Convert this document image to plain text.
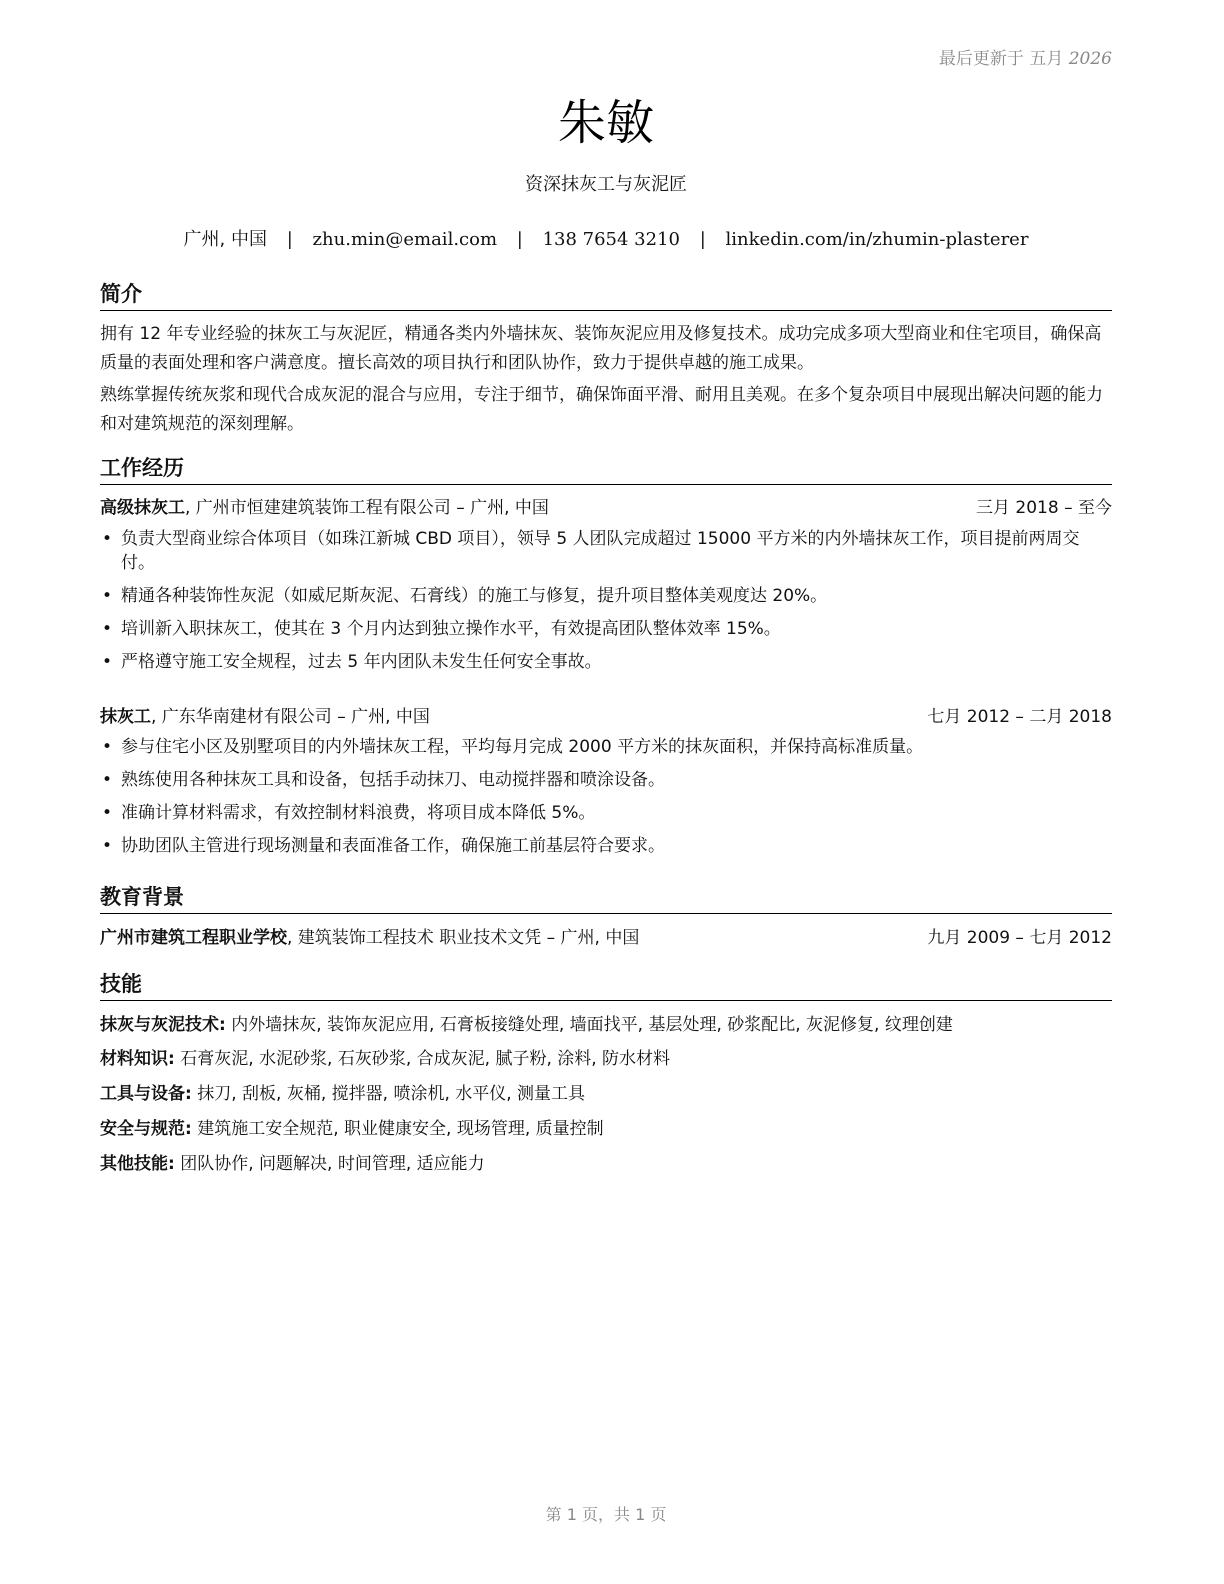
最后更新于 五月 2026
朱敏
资深抹灰工与灰泥匠
广州, 中国 | zhu.min@email.com | 138 7654 3210 | linkedin.com/in/zhumin-plasterer
简介
拥有 12 年专业经验的抹灰工与灰泥匠，精通各类内外墙抹灰、装饰灰泥应用及修复技术。成功完成多项大型商业和住宅项目，确保高质量的表面处理和客户满意度。擅长高效的项目执行和团队协作，致力于提供卓越的施工成果。
熟练掌握传统灰浆和现代合成灰泥的混合与应用，专注于细节，确保饰面平滑、耐用且美观。在多个复杂项目中展现出解决问题的能力和对建筑规范的深刻理解。
工作经历
高级抹灰工, 广州市恒建建筑装饰工程有限公司 – 广州, 中国	三月 2018 – 至今
• 负责大型商业综合体项目（如珠江新城 CBD 项目），领导 5 人团队完成超过 15000 平方米的内外墙抹灰工作，项目提前两周交付。
• 精通各种装饰性灰泥（如威尼斯灰泥、石膏线）的施工与修复，提升项目整体美观度达 20%。
• 培训新入职抹灰工，使其在 3 个月内达到独立操作水平，有效提高团队整体效率 15%。
• 严格遵守施工安全规程，过去 5 年内团队未发生任何安全事故。
抹灰工, 广东华南建材有限公司 – 广州, 中国	七月 2012 – 二月 2018
• 参与住宅小区及别墅项目的内外墙抹灰工程，平均每月完成 2000 平方米的抹灰面积，并保持高标准质量。
• 熟练使用各种抹灰工具和设备，包括手动抹刀、电动搅拌器和喷涂设备。
• 准确计算材料需求，有效控制材料浪费，将项目成本降低 5%。
• 协助团队主管进行现场测量和表面准备工作，确保施工前基层符合要求。
教育背景
广州市建筑工程职业学校, 建筑装饰工程技术 职业技术文凭 – 广州, 中国	九月 2009 – 七月 2012
技能
抹灰与灰泥技术: 内外墙抹灰, 装饰灰泥应用, 石膏板接缝处理, 墙面找平, 基层处理, 砂浆配比, 灰泥修复, 纹理创建
材料知识: 石膏灰泥, 水泥砂浆, 石灰砂浆, 合成灰泥, 腻子粉, 涂料, 防水材料
工具与设备: 抹刀, 刮板, 灰桶, 搅拌器, 喷涂机, 水平仪, 测量工具
安全与规范: 建筑施工安全规范, 职业健康安全, 现场管理, 质量控制
其他技能: 团队协作, 问题解决, 时间管理, 适应能力
第 1 页，共 1 页
